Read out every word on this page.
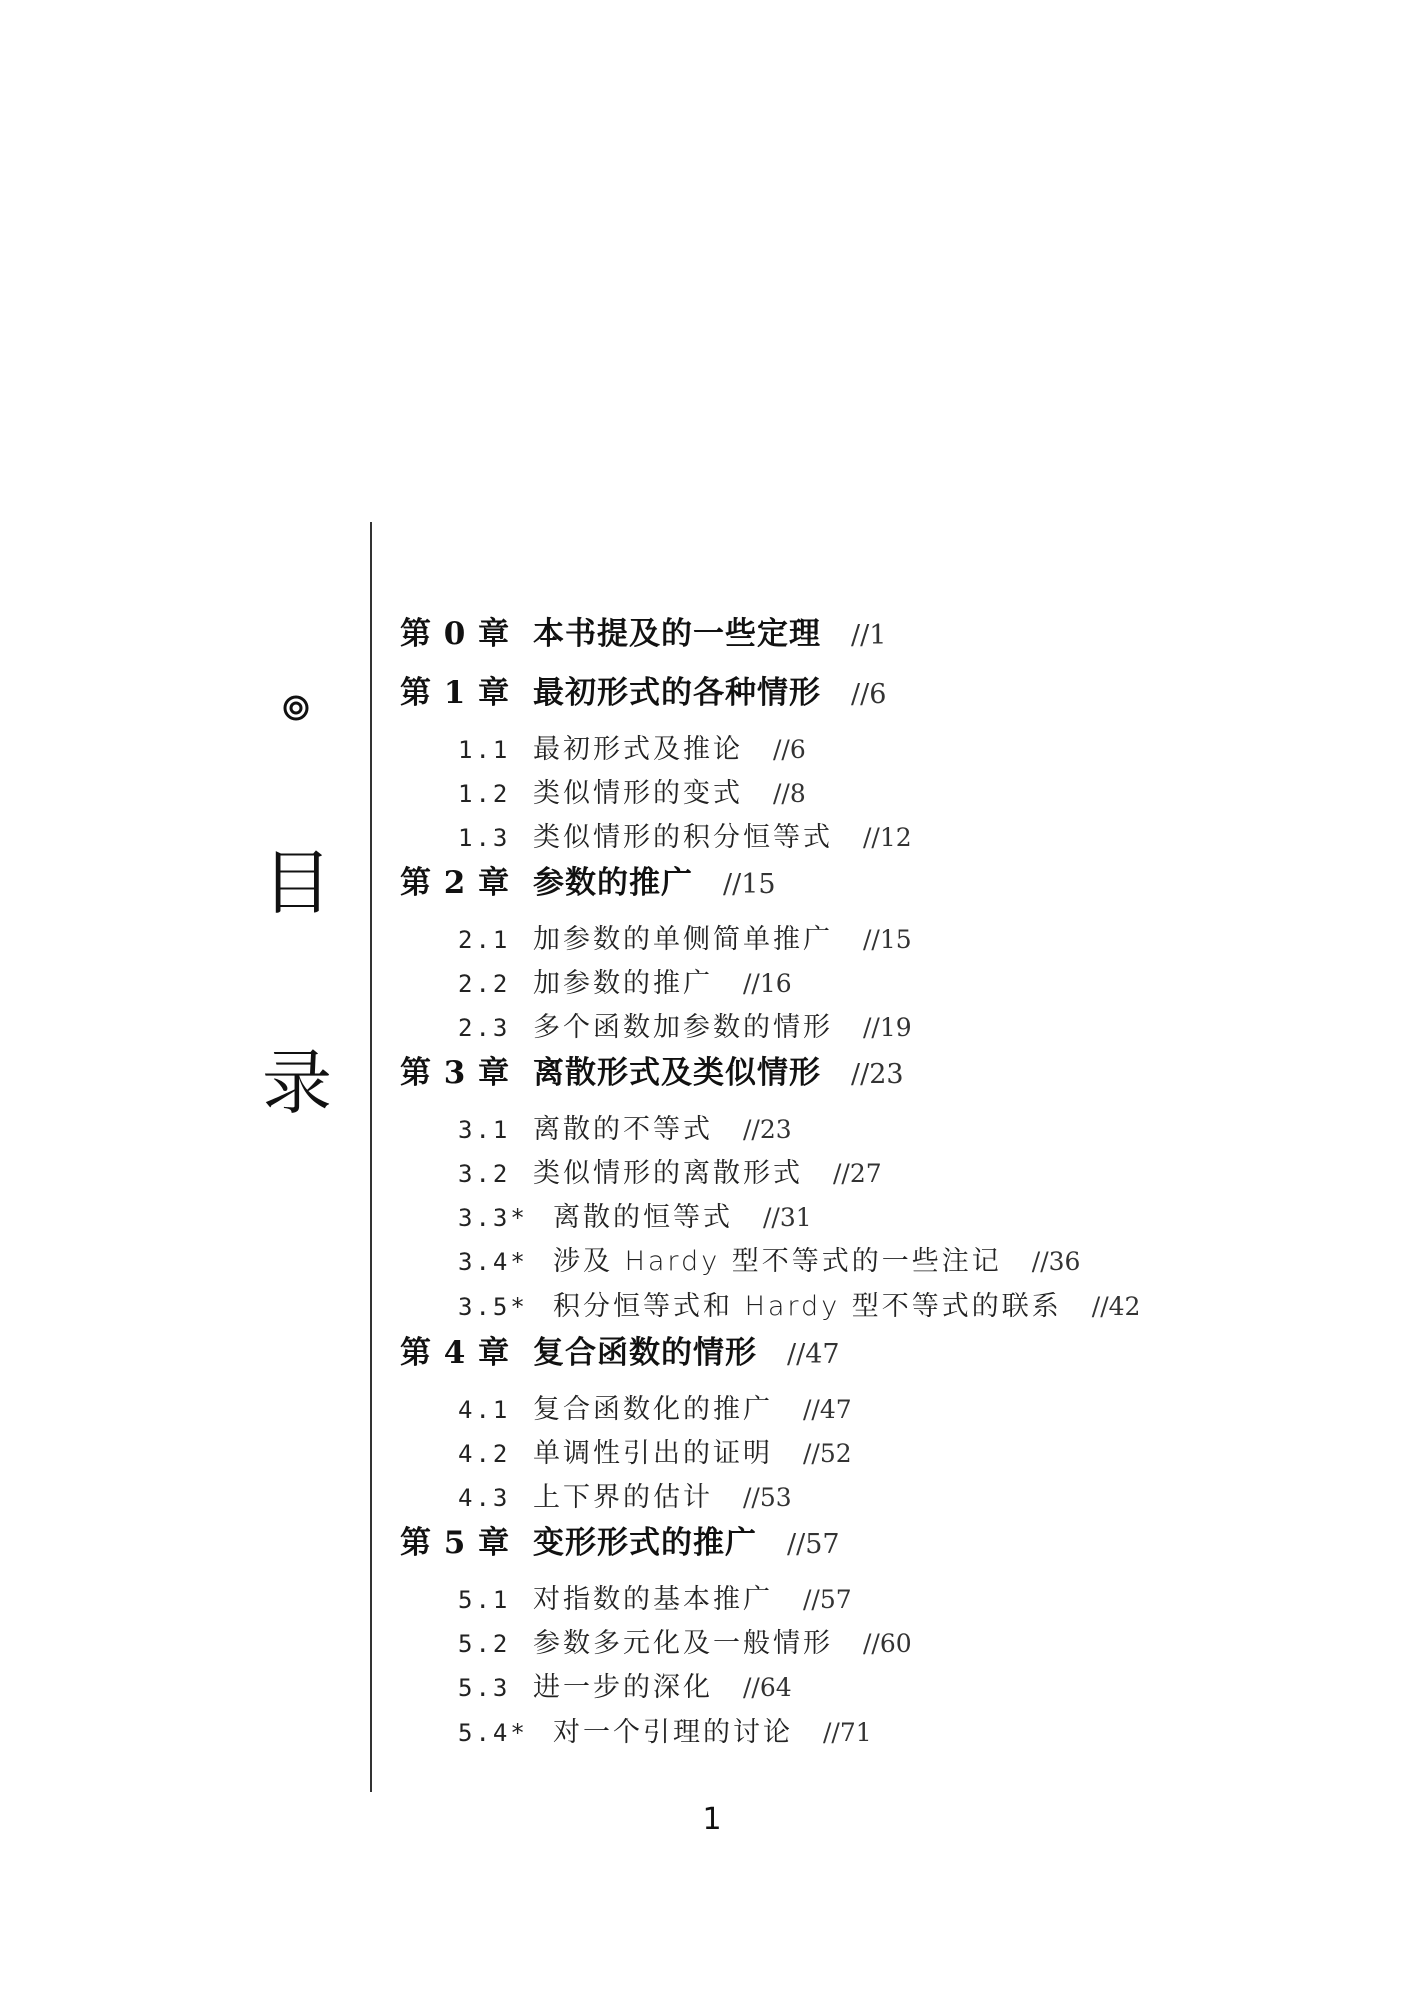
目
录
第 0 章 本书提及的一些定理 //1
第 1 章 最初形式的各种情形 //6
1.1 最初形式及推论 //6
1.2 类似情形的变式 //8
1.3 类似情形的积分恒等式 //12
第 2 章 参数的推广 //15
2.1 加参数的单侧简单推广 //15
2.2 加参数的推广 //16
2.3 多个函数加参数的情形 //19
第 3 章 离散形式及类似情形 //23
3.1 离散的不等式 //23
3.2 类似情形的离散形式 //27
3.3* 离散的恒等式 //31
3.4* 涉及 Hardy 型不等式的一些注记 //36
3.5* 积分恒等式和 Hardy 型不等式的联系 //42
第 4 章 复合函数的情形 //47
4.1 复合函数化的推广 //47
4.2 单调性引出的证明 //52
4.3 上下界的估计 //53
第 5 章 变形形式的推广 //57
5.1 对指数的基本推广 //57
5.2 参数多元化及一般情形 //60
5.3 进一步的深化 //64
5.4* 对一个引理的讨论 //71
1
